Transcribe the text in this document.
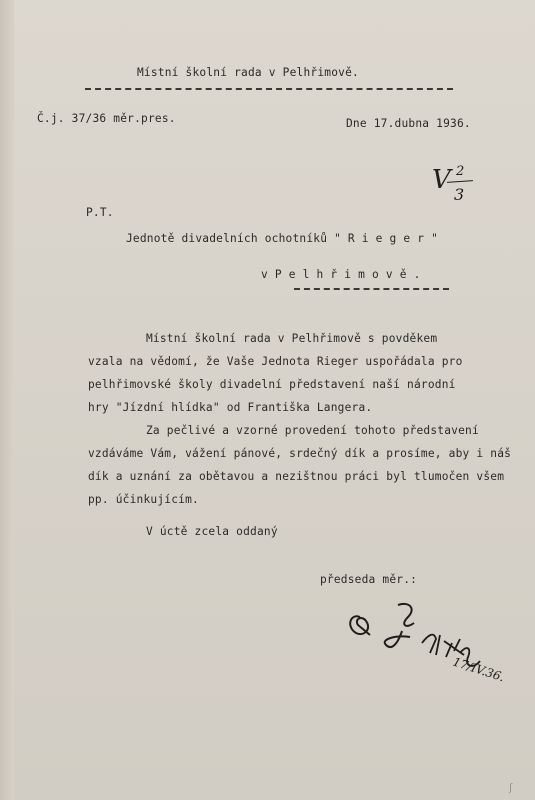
Místní školní rada v Pelhřimově.
Č.j. 37/36 měr.pres.	Dne 17.dubna 1936.
V 2
3
P.T.
Jednotě divadelních ochotníků " R i e g e r "
v P e l h ř i m o v ě .
Místní školní rada v Pelhřimově s povděkem
vzala na vědomí, že Vaše Jednota Rieger uspořádala pro
pelhřimovské školy divadelní představení naší národní
hry "Jízdní hlídka" od Františka Langera.
Za pečlivé a vzorné provedení tohoto představení
vzdáváme Vám, vážení pánové, srdečný dík a prosíme, aby i náš
dík a uznání za obětavou a nezištnou práci byl tlumočen všem
pp. účinkujícím.
V úctě zcela oddaný
předseda měr.:
17/IV.36.
∫
